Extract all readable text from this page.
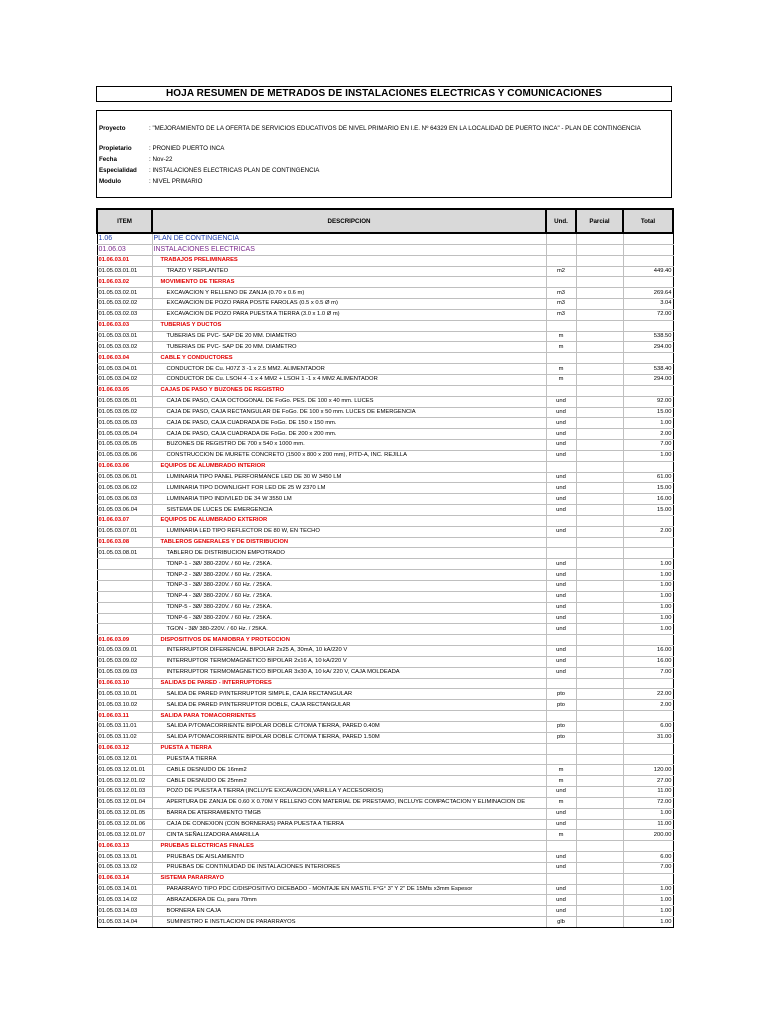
HOJA RESUMEN DE METRADOS DE INSTALACIONES ELECTRICAS Y COMUNICACIONES
Proyecto	: "MEJORAMIENTO DE LA OFERTA DE SERVICIOS EDUCATIVOS DE NIVEL PRIMARIO EN I.E. Nº 64329 EN LA LOCALIDAD DE PUERTO INCA" - PLAN DE CONTINGENCIA
Propietario	: PRONIED PUERTO INCA
Fecha	: Nov-22
Especialidad	: INSTALACIONES ELECTRICAS PLAN DE CONTINGENCIA
Modulo	: NIVEL PRIMARIO
ITEM	DESCRIPCION	Und.	Parcial	Total
1.06	PLAN DE CONTINGENCIA			
01.06.03	INSTALACIONES ELECTRICAS			
01.06.03.01	TRABAJOS PRELIMINARES			
01.05.03.01.01	TRAZO Y REPLANTEO	m2		449.40
01.06.03.02	MOVIMIENTO DE TIERRAS			
01.05.03.02.01	EXCAVACION Y RELLENO DE ZANJA (0.70 x 0.6 m)	m3		269.64
01.05.03.02.02	EXCAVACION DE POZO PARA POSTE FAROLAS (0.5 x 0.5 Ø m)	m3		3.04
01.05.03.02.03	EXCAVACION DE POZO PARA PUESTA A TIERRA (3.0 x 1.0 Ø m)	m3		72.00
01.06.03.03	TUBERIAS Y DUCTOS			
01.05.03.03.01	TUBERIAS DE PVC- SAP DE 20 MM. DIAMETRO	m		538.50
01.05.03.03.02	TUBERIAS DE PVC- SAP DE 20 MM. DIAMETRO	m		294.00
01.06.03.04	CABLE Y CONDUCTORES			
01.05.03.04.01	CONDUCTOR DE Cu. H07Z 3 -1 x 2.5 MM2. ALIMENTADOR	m		538.40
01.05.03.04.02	CONDUCTOR DE Cu. LSOH 4 -1 x 4 MM2 + LSOH 1 -1 x 4 MM2 ALIMENTADOR	m		294.00
01.06.03.05	CAJAS DE PASO Y BUZONES DE REGISTRO			
01.05.03.05.01	CAJA DE PASO, CAJA OCTOGONAL DE FoGo. PES. DE 100 x 40 mm. LUCES	und		92.00
01.05.03.05.02	CAJA DE PASO, CAJA RECTANGULAR DE FoGo. DE 100 x 50 mm. LUCES DE EMERGENCIA	und		15.00
01.05.03.05.03	CAJA DE PASO, CAJA CUADRADA DE FoGo. DE 150 x 150 mm.	und		1.00
01.05.03.05.04	CAJA DE PASO, CAJA CUADRADA DE FoGo. DE 200 x 200 mm.	und		2.00
01.05.03.05.05	BUZONES DE REGISTRO DE 700 x 540 x 1000 mm.	und		7.00
01.05.03.05.06	CONSTRUCCION DE MURETE CONCRETO (1500 x 800 x 200 mm), P/TD-A, INC. REJILLA	und		1.00
01.06.03.06	EQUIPOS DE ALUMBRADO INTERIOR			
01.05.03.06.01	LUMINARIA TIPO PANEL PERFORMANCE LED DE 30 W 3450 LM	und		61.00
01.05.03.06.02	LUMINARIA TIPO DOWNLIGHT FOR LED DE 25 W 2370 LM	und		15.00
01.05.03.06.03	LUMINARIA TIPO INDIVILED DE 34 W 3550 LM	und		16.00
01.05.03.06.04	SISTEMA DE LUCES DE EMERGENCIA	und		15.00
01.06.03.07	EQUIPOS DE ALUMBRADO EXTERIOR			
01.05.03.07.01	LUMINARIA LED TIPO REFLECTOR DE 80 W, EN TECHO	und		2.00
01.06.03.08	TABLEROS GENERALES Y DE DISTRIBUCION			
01.05.03.08.01	TABLERO DE DISTRIBUCION EMPOTRADO			
	TDNP-1 - 3Ø/ 380-220V. / 60 Hz. / 25KA.	und		1.00
	TDNP-2 - 3Ø/ 380-220V. / 60 Hz. / 25KA.	und		1.00
	TDNP-3 - 3Ø/ 380-220V. / 60 Hz. / 25KA.	und		1.00
	TDNP-4 - 3Ø/ 380-220V. / 60 Hz. / 25KA.	und		1.00
	TDNP-5 - 3Ø/ 380-220V. / 60 Hz. / 25KA.	und		1.00
	TDNP-6 - 3Ø/ 380-220V. / 60 Hz. / 25KA.	und		1.00
	TGON - 3Ø/ 380-220V. / 60 Hz. / 25KA.	und		1.00
01.06.03.09	DISPOSITIVOS DE MANIOBRA Y PROTECCION			
01.05.03.09.01	INTERRUPTOR DIFERENCIAL BIPOLAR 2x25 A, 30mA, 10 kA/220 V	und		16.00
01.05.03.09.02	INTERRUPTOR TERMOMAGNETICO BIPOLAR 2x16 A, 10 kA/220 V	und		16.00
01.05.03.09.03	INTERRUPTOR TERMOMAGNETICO BIPOLAR 3x30 A, 10 kA/ 220 V, CAJA MOLDEADA	und		7.00
01.06.03.10	SALIDAS DE PARED - INTERRUPTORES			
01.05.03.10.01	SALIDA DE PARED P/INTERRUPTOR SIMPLE, CAJA RECTANGULAR	pto		22.00
01.05.03.10.02	SALIDA DE PARED P/INTERRUPTOR DOBLE, CAJA RECTANGULAR	pto		2.00
01.06.03.11	SALIDA PARA TOMACORRIENTES			
01.05.03.11.01	SALIDA P/TOMACORRIENTE BIPOLAR DOBLE C/TOMA TIERRA, PARED 0.40M	pto		6.00
01.05.03.11.02	SALIDA P/TOMACORRIENTE BIPOLAR DOBLE C/TOMA TIERRA, PARED 1.50M	pto		31.00
01.06.03.12	PUESTA A TIERRA			
01.05.03.12.01	PUESTA A TIERRA			
01.05.03.12.01.01	CABLE DESNUDO DE 16mm2	m		120.00
01.05.03.12.01.02	CABLE DESNUDO DE 25mm2	m		27.00
01.05.03.12.01.03	POZO DE PUESTA A TIERRA (INCLUYE EXCAVACION,VARILLA Y ACCESORIOS)	und		11.00
01.05.03.12.01.04	APERTURA DE ZANJA DE 0.60 X 0.70M Y RELLENO CON MATERIAL DE PRESTAMO, INCLUYE COMPACTACION Y ELIMINACION DE	m		72.00
01.05.03.12.01.05	BARRA DE ATERRAMIENTO TMGB	und		1.00
01.05.03.12.01.06	CAJA DE CONEXION (CON BORNERAS) PARA PUESTA A TIERRA	und		11.00
01.05.03.12.01.07	CINTA SEÑALIZADORA AMARILLA	m		200.00
01.06.03.13	PRUEBAS ELECTRICAS FINALES			
01.05.03.13.01	PRUEBAS DE AISLAMIENTO	und		6.00
01.05.03.13.02	PRUEBAS DE CONTINUIDAD DE INSTALACIONES INTERIORES	und		7.00
01.06.03.14	SISTEMA PARARRAYO			
01.05.03.14.01	PARARRAYO TIPO PDC C/DISPOSITIVO DICEBADO - MONTAJE EN MASTIL F°G° 3" Y 2" DE 15Mts x3mm Espesor	und		1.00
01.05.03.14.02	ABRAZADERA DE Cu, para 70mm	und		1.00
01.05.03.14.03	BORNERA EN CAJA	und		1.00
01.05.03.14.04	SUMINISTRO E INSTLACION DE PARARRAYOS	glb		1.00
